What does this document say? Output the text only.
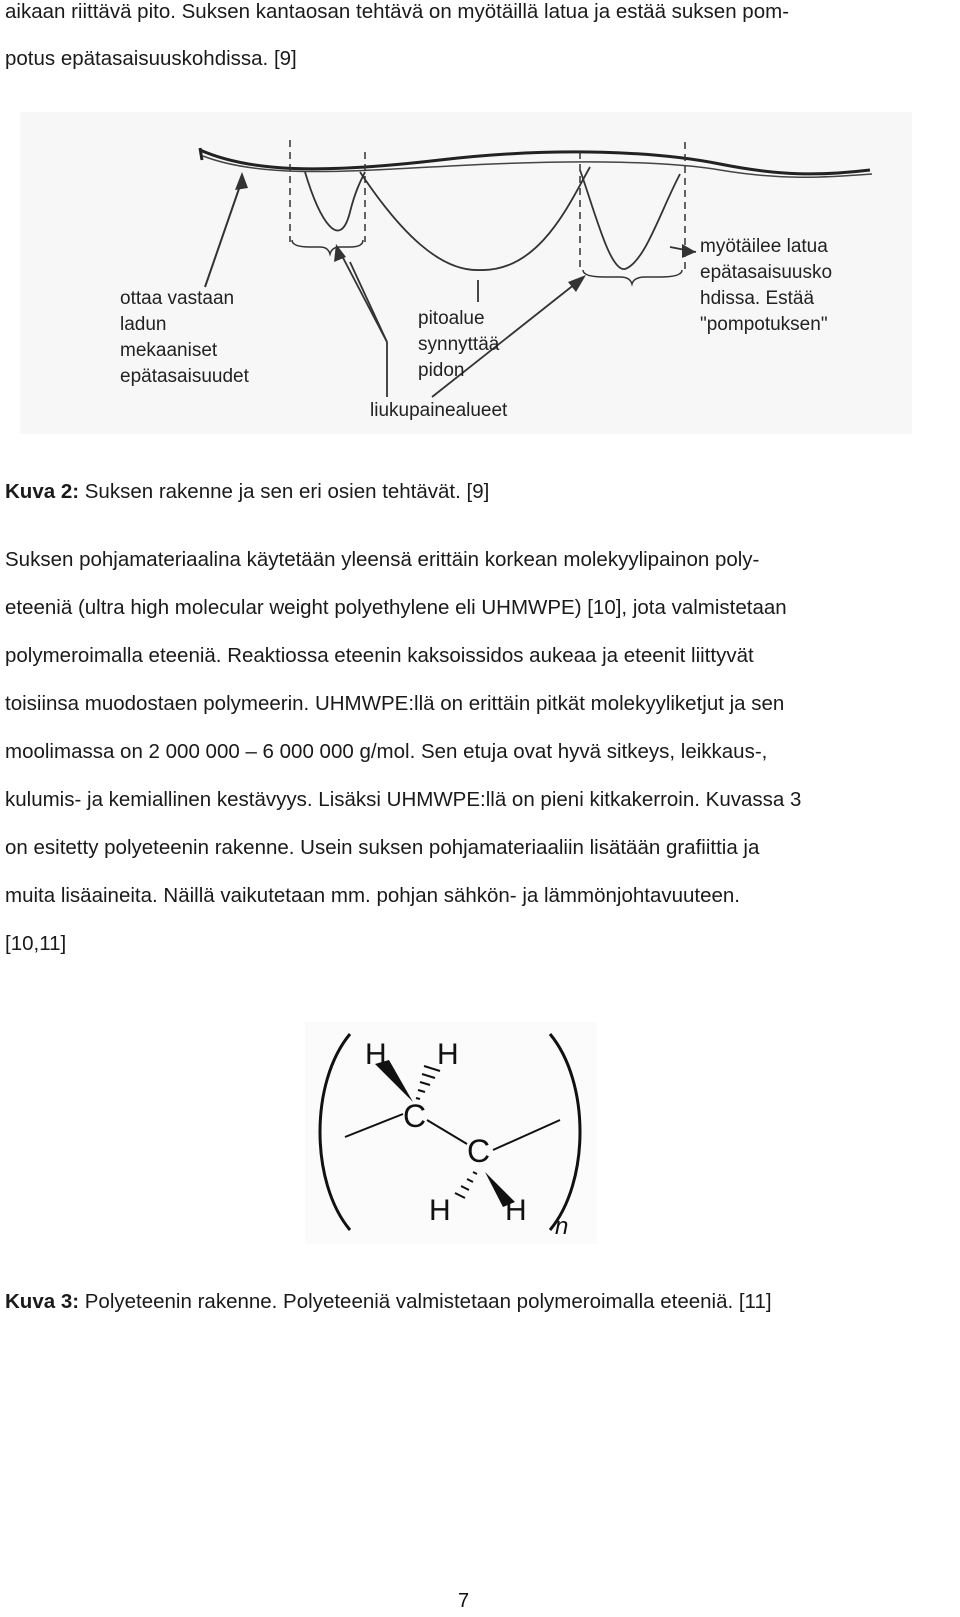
aikaan riittävä pito. Suksen kantaosan tehtävä on myötäillä latua ja estää suksen pom-
potus epätasaisuuskohdissa. [9]
ottaa vastaan
ladun
mekaaniset
epätasaisuudet
pitoalue
synnyttää
pidon
liukupainealueet
myötäilee latua
epätasaisuusko
hdissa. Estää
"pompotuksen"
Kuva 2: Suksen rakenne ja sen eri osien tehtävät. [9]
Suksen pohjamateriaalina käytetään yleensä erittäin korkean molekyylipainon poly-
eteeniä (ultra high molecular weight polyethylene eli UHMWPE) [10], jota valmistetaan
polymeroimalla eteeniä. Reaktiossa eteenin kaksoissidos aukeaa ja eteenit liittyvät
toisiinsa muodostaen polymeerin. UHMWPE:llä on erittäin pitkät molekyyliketjut ja sen
moolimassa on 2 000 000 – 6 000 000 g/mol. Sen etuja ovat hyvä sitkeys, leikkaus-,
kulumis- ja kemiallinen kestävyys. Lisäksi UHMWPE:llä on pieni kitkakerroin. Kuvassa 3
on esitetty polyeteenin rakenne. Usein suksen pohjamateriaaliin lisätään grafiittia ja
muita lisäaineita. Näillä vaikutetaan mm. pohjan sähkön- ja lämmönjohtavuuteen.
[10,11]
H H
C
C
H H n
Kuva 3: Polyeteenin rakenne. Polyeteeniä valmistetaan polymeroimalla eteeniä. [11]
7
